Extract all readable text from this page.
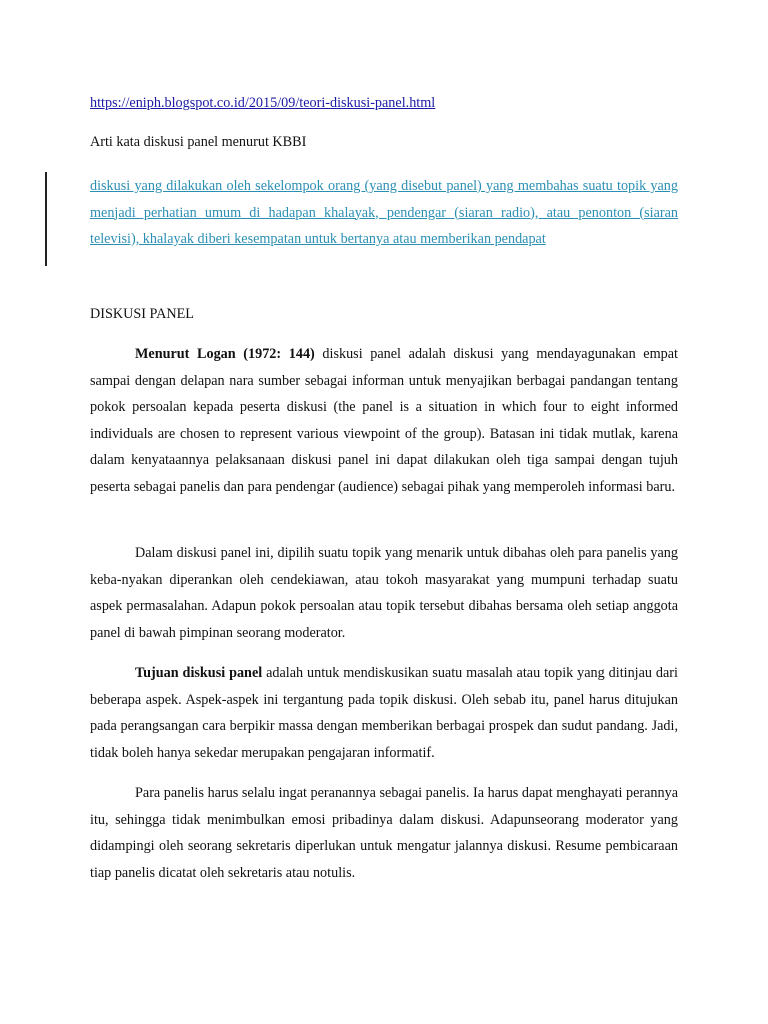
https://eniph.blogspot.co.id/2015/09/teori-diskusi-panel.html

Arti kata diskusi panel menurut KBBI

diskusi yang dilakukan oleh sekelompok orang (yang disebut panel) yang membahas suatu topik yang menjadi perhatian umum di hadapan khalayak, pendengar (siaran radio), atau penonton (siaran televisi), khalayak diberi kesempatan untuk bertanya atau memberikan pendapat

DISKUSI PANEL

Menurut Logan (1972: 144) diskusi panel adalah diskusi yang mendayagunakan empat sampai dengan delapan nara sumber sebagai informan untuk menyajikan berbagai pandangan tentang pokok persoalan kepada peserta diskusi (the panel is a situation in which four to eight informed individuals are chosen to represent various viewpoint of the group). Batasan ini tidak mutlak, karena dalam kenyataannya pelaksanaan diskusi panel ini dapat dilakukan oleh tiga sampai dengan tujuh peserta sebagai panelis dan para pendengar (audience) sebagai pihak yang memperoleh informasi baru.

Dalam diskusi panel ini, dipilih suatu topik yang menarik untuk dibahas oleh para panelis yang keba-nyakan diperankan oleh cendekiawan, atau tokoh masyarakat yang mumpuni terhadap suatu aspek permasalahan. Adapun pokok persoalan atau topik tersebut dibahas bersama oleh setiap anggota panel di bawah pimpinan seorang moderator.

Tujuan diskusi panel adalah untuk mendiskusikan suatu masalah atau topik yang ditinjau dari beberapa aspek. Aspek-aspek ini tergantung pada topik diskusi. Oleh sebab itu, panel harus ditujukan pada perangsangan cara berpikir massa dengan memberikan berbagai prospek dan sudut pandang. Jadi, tidak boleh hanya sekedar merupakan pengajaran informatif.

Para panelis harus selalu ingat peranannya sebagai panelis. Ia harus dapat menghayati perannya itu, sehingga tidak menimbulkan emosi pribadinya dalam diskusi. Adapunseorang moderator yang didampingi oleh seorang sekretaris diperlukan untuk mengatur jalannya diskusi. Resume pembicaraan tiap panelis dicatat oleh sekretaris atau notulis.
